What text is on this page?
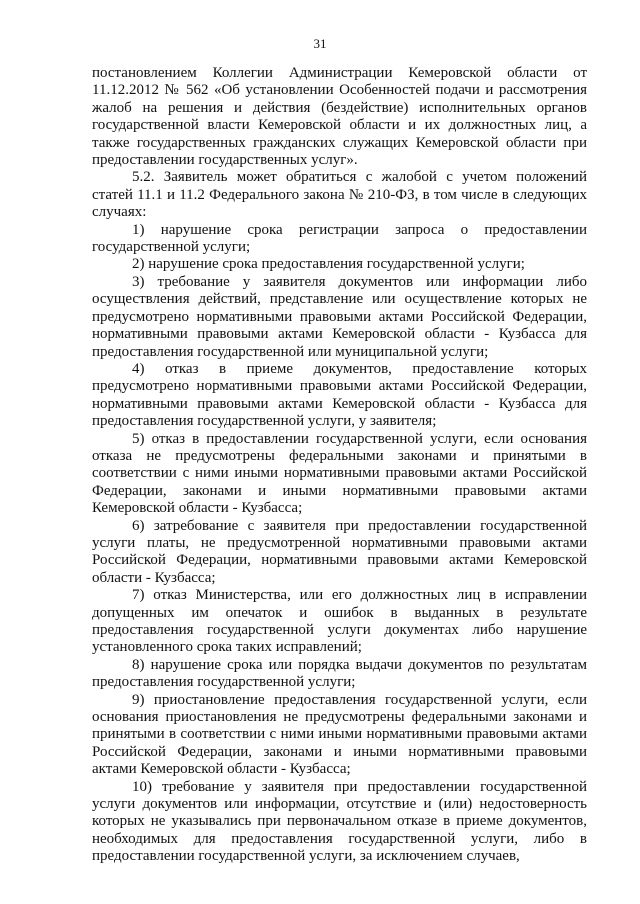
31

постановлением Коллегии Администрации Кемеровской области от 11.12.2012 № 562 «Об установлении Особенностей подачи и рассмотрения жалоб на решения и действия (бездействие) исполнительных органов государственной власти Кемеровской области и их должностных лиц, а также государственных гражданских служащих Кемеровской области при предоставлении государственных услуг».

5.2. Заявитель может обратиться с жалобой с учетом положений статей 11.1 и 11.2 Федерального закона № 210-ФЗ, в том числе в следующих случаях:

1) нарушение срока регистрации запроса о предоставлении государственной услуги;

2) нарушение срока предоставления государственной услуги;

3) требование у заявителя документов или информации либо осуществления действий, представление или осуществление которых не предусмотрено нормативными правовыми актами Российской Федерации, нормативными правовыми актами Кемеровской области - Кузбасса для предоставления государственной или муниципальной услуги;

4) отказ в приеме документов, предоставление которых предусмотрено нормативными правовыми актами Российской Федерации, нормативными правовыми актами Кемеровской области - Кузбасса для предоставления государственной услуги, у заявителя;

5) отказ в предоставлении государственной услуги, если основания отказа не предусмотрены федеральными законами и принятыми в соответствии с ними иными нормативными правовыми актами Российской Федерации, законами и иными нормативными правовыми актами Кемеровской области - Кузбасса;

6) затребование с заявителя при предоставлении государственной услуги платы, не предусмотренной нормативными правовыми актами Российской Федерации, нормативными правовыми актами Кемеровской области - Кузбасса;

7) отказ Министерства, или его должностных лиц в исправлении допущенных им опечаток и ошибок в выданных в результате предоставления государственной услуги документах либо нарушение установленного срока таких исправлений;

8) нарушение срока или порядка выдачи документов по результатам предоставления государственной услуги;

9) приостановление предоставления государственной услуги, если основания приостановления не предусмотрены федеральными законами и принятыми в соответствии с ними иными нормативными правовыми актами Российской Федерации, законами и иными нормативными правовыми актами Кемеровской области - Кузбасса;

10) требование у заявителя при предоставлении государственной услуги документов или информации, отсутствие и (или) недостоверность которых не указывались при первоначальном отказе в приеме документов, необходимых для предоставления государственной услуги, либо в предоставлении государственной услуги, за исключением случаев,
